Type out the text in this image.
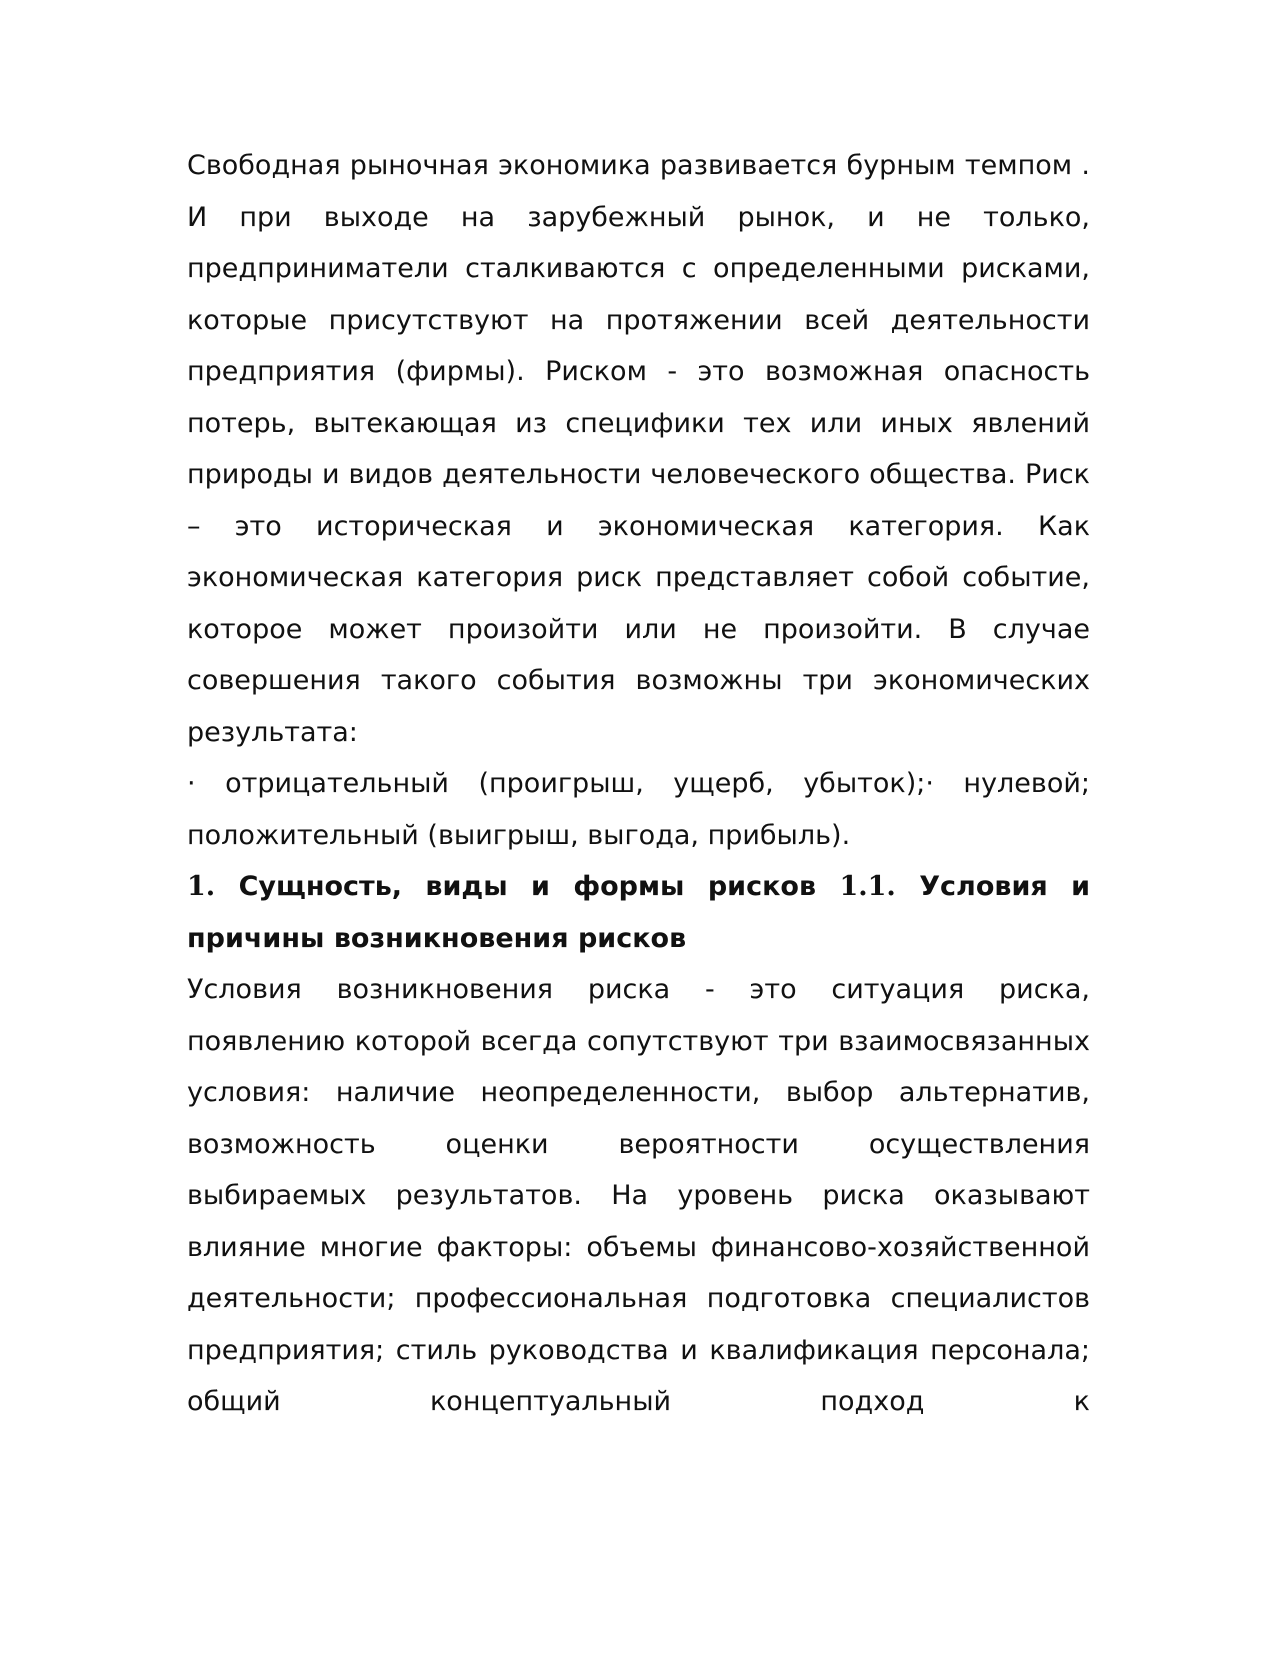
Свободная рыночная экономика развивается бурным темпом . И при выходе на зарубежный рынок, и не только, предприниматели сталкиваются с определенными рисками, которые присутствуют на протяжении всей деятельности предприятия (фирмы). Риском - это возможная опасность потерь, вытекающая из специфики тех или иных явлений природы и видов деятельности человеческого общества. Риск – это историческая и экономическая категория. Как экономическая категория риск представляет собой событие, которое может произойти или не произойти. В случае совершения такого события возможны три экономических результата:

· отрицательный (проигрыш, ущерб, убыток);· нулевой; положительный (выигрыш, выгода, прибыль).

1. Сущность, виды и формы рисков 1.1. Условия и причины возникновения рисков

Условия возникновения риска - это ситуация риска, появлению которой всегда сопутствуют три взаимосвязанных условия: наличие неопределенности, выбор альтернатив, возможность оценки вероятности осуществления выбираемых результатов. На уровень риска оказывают влияние многие факторы: объемы финансово-хозяйственной деятельности; профессиональная подготовка специалистов предприятия; стиль руководства и квалификация персонала; общий концептуальный подход к
